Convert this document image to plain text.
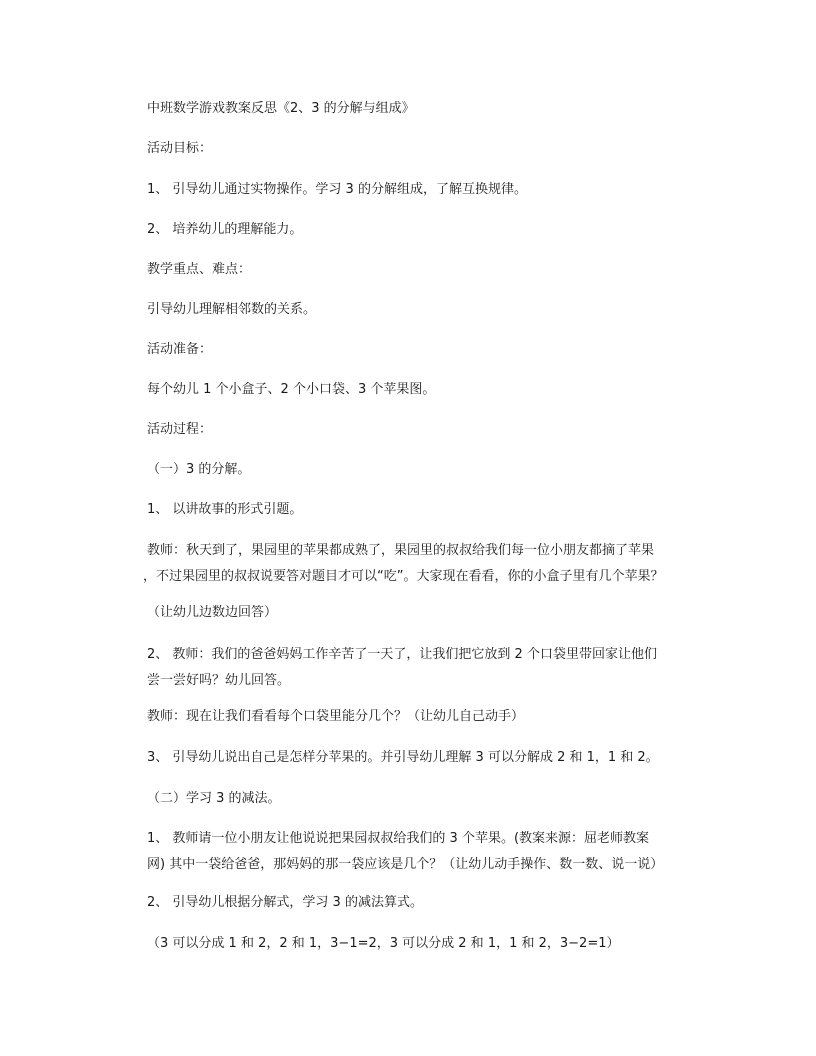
中班数学游戏教案反思《2、3 的分解与组成》

活动目标：

1、 引导幼儿通过实物操作。学习 3 的分解组成，了解互换规律。

2、 培养幼儿的理解能力。

教学重点、难点：

引导幼儿理解相邻数的关系。

活动准备：

每个幼儿 1 个小盒子、2 个小口袋、3 个苹果图。

活动过程：

（一）3 的分解。

1、 以讲故事的形式引题。

教师：秋天到了，果园里的苹果都成熟了，果园里的叔叔给我们每一位小朋友都摘了苹果
，不过果园里的叔叔说要答对题目才可以“吃”。大家现在看看，你的小盒子里有几个苹果？

（让幼儿边数边回答）

2、 教师：我们的爸爸妈妈工作辛苦了一天了，让我们把它放到 2 个口袋里带回家让他们
尝一尝好吗？幼儿回答。

教师：现在让我们看看每个口袋里能分几个？（让幼儿自己动手）

3、 引导幼儿说出自己是怎样分苹果的。并引导幼儿理解 3 可以分解成 2 和 1，1 和 2。

（二）学习 3 的减法。

1、 教师请一位小朋友让他说说把果园叔叔给我们的 3 个苹果。(教案来源：屈老师教案
网) 其中一袋给爸爸，那妈妈的那一袋应该是几个？（让幼儿动手操作、数一数、说一说）

2、 引导幼儿根据分解式，学习 3 的减法算式。

（3 可以分成 1 和 2，2 和 1，3−1=2，3 可以分成 2 和 1，1 和 2，3−2=1）
